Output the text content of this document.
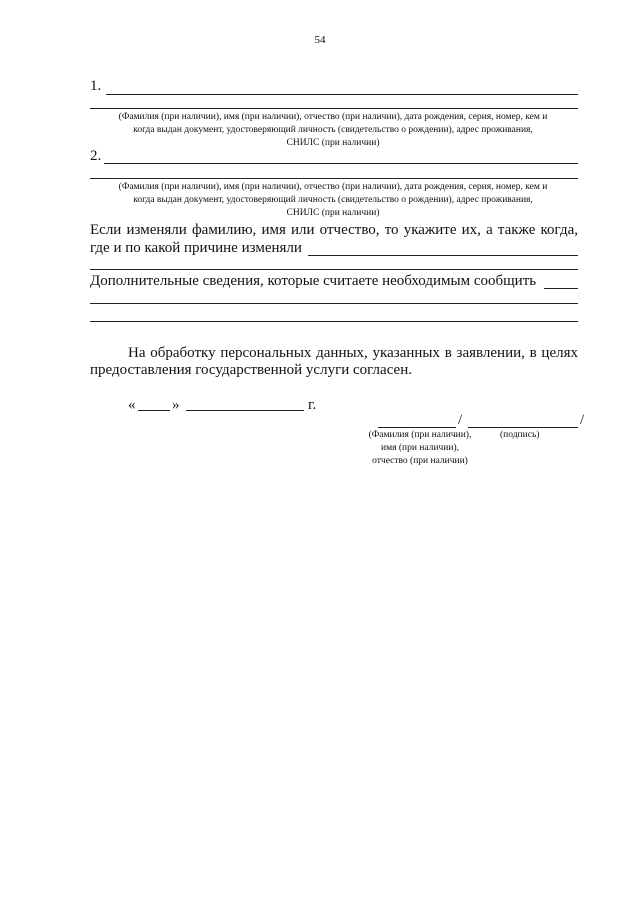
54
1.
(Фамилия (при наличии), имя (при наличии), отчество (при наличии), дата рождения, серия, номер, кем и
когда выдан документ, удостоверяющий личность (свидетельство о рождении), адрес проживания,
СНИЛС (при наличии)
2.
(Фамилия (при наличии), имя (при наличии), отчество (при наличии), дата рождения, серия, номер, кем и
когда выдан документ, удостоверяющий личность (свидетельство о рождении), адрес проживания,
СНИЛС (при наличии)
Если изменяли фамилию, имя или отчество, то укажите их, а также когда,
где и по какой причине изменяли
Дополнительные сведения, которые считаете необходимым сообщить
На обработку персональных данных, указанных в заявлении, в целях
предоставления государственной услуги согласен.
« »	г.
/	/
(Фамилия (при наличии),
имя (при наличии),
отчество (при наличии)
(подпись)
